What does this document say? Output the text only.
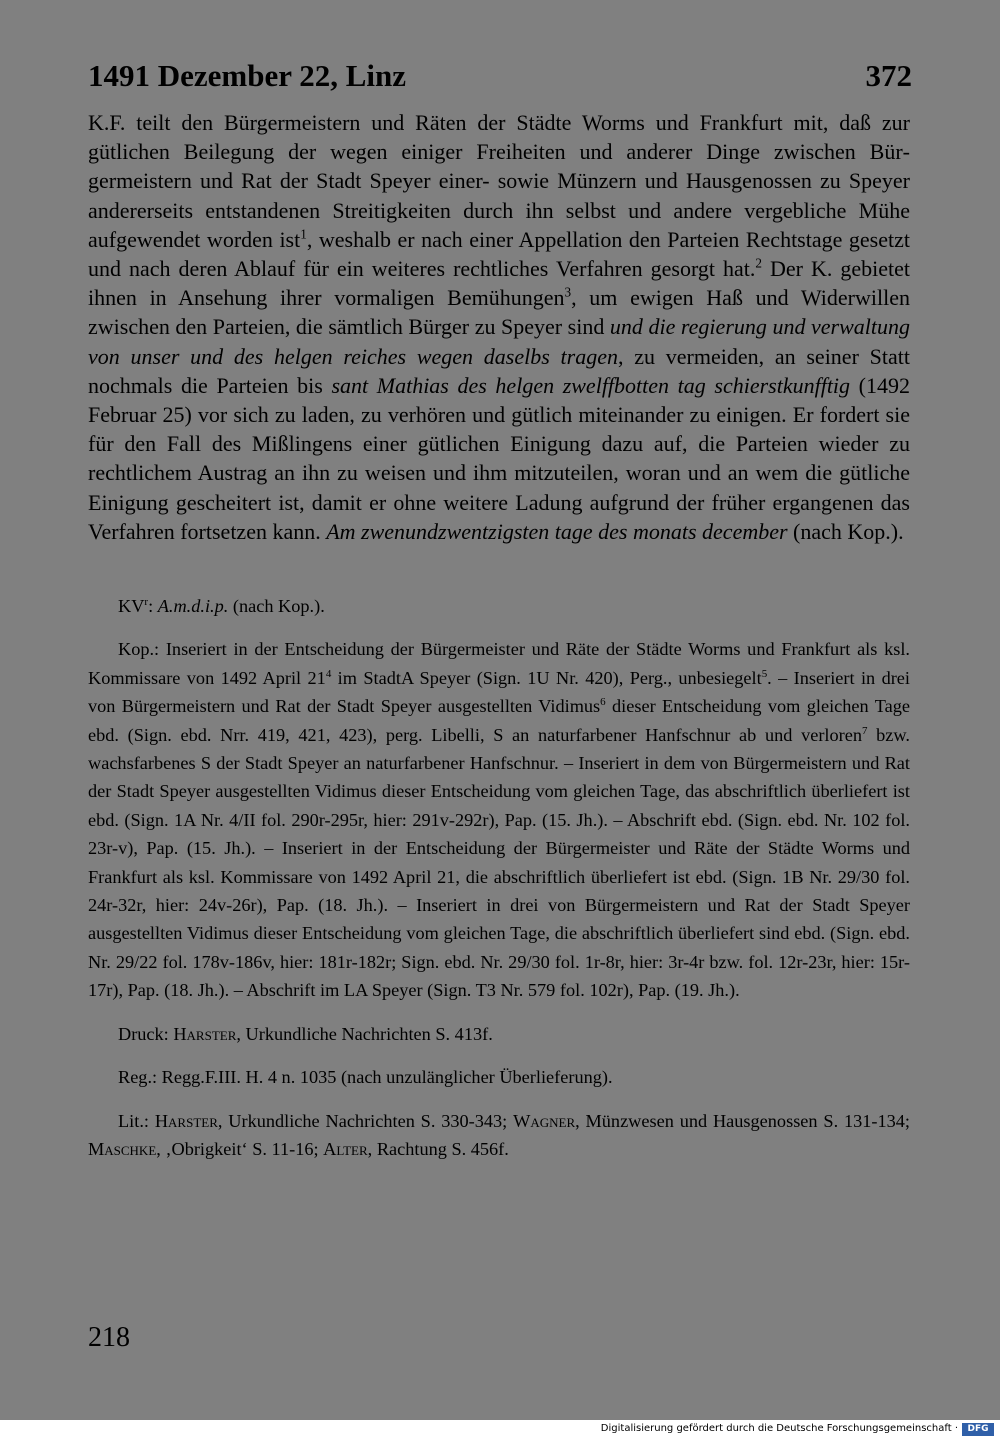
1491 Dezember 22, Linz	372
K.F. teilt den Bürgermeistern und Räten der Städte Worms und Frankfurt mit, daß zur gütlichen Beilegung der wegen einiger Freiheiten und anderer Dinge zwischen Bürgermeistern und Rat der Stadt Speyer einer- sowie Münzern und Hausgenossen zu Speyer andererseits entstandenen Streitigkeiten durch ihn selbst und andere vergebliche Mühe aufgewendet worden ist$^1$, weshalb er nach einer Appellation den Parteien Rechtstage gesetzt und nach deren Ablauf für ein weiteres rechtliches Verfahren gesorgt hat.$^2$ Der K. gebietet ihnen in Ansehung ihrer vormaligen Bemühungen$^3$, um ewigen Haß und Widerwillen zwischen den Parteien, die sämtlich Bürger zu Speyer sind und die regierung und verwaltung von unser und des helgen reiches wegen daselbs tragen, zu vermeiden, an seiner Statt nochmals die Parteien bis sant Mathias des helgen zwelffbotten tag schierstkunfftig (1492 Februar 25) vor sich zu laden, zu verhören und gütlich miteinander zu einigen. Er fordert sie für den Fall des Mißlingens einer gütlichen Einigung dazu auf, die Parteien wieder zu rechtlichem Austrag an ihn zu weisen und ihm mitzuteilen, woran und an wem die gütliche Einigung gescheitert ist, damit er ohne weitere Ladung aufgrund der früher ergangenen das Verfahren fortsetzen kann. Am zwenundzwentzigsten tage des monats december (nach Kop.).

$KV^r$: A.m.d.i.p. (nach Kop.).

Kop.: Inseriert in der Entscheidung der Bürgermeister und Räte der Städte Worms und Frankfurt als ksl. Kommissare von 1492 April $21^4$ im StadtA Speyer (Sign. 1U Nr. 420), Perg., unbesiegelt$^5$. – Inseriert in drei von Bürgermeistern und Rat der Stadt Speyer ausgestellten Vidimus$^6$ dieser Entscheidung vom gleichen Tage ebd. (Sign. ebd. Nrr. 419, 421, 423), perg. Libelli, S an naturfarbener Hanfschnur ab und verloren$^7$ bzw. wachsfarbenes S der Stadt Speyer an naturfarbener Hanfschnur. – Inseriert in dem von Bürgermeistern und Rat der Stadt Speyer ausgestellten Vidimus dieser Entscheidung vom gleichen Tage, das abschriftlich überliefert ist ebd. (Sign. 1A Nr. 4/II fol. 290r-295r, hier: 291v-292r), Pap. (15. Jh.). – Abschrift ebd. (Sign. ebd. Nr. 102 fol. 23r-v), Pap. (15. Jh.). – Inseriert in der Entscheidung der Bürgermeister und Räte der Städte Worms und Frankfurt als ksl. Kommissare von 1492 April 21, die abschriftlich überliefert ist ebd. (Sign. 1B Nr. 29/30 fol. 24r-32r, hier: 24v-26r), Pap. (18. Jh.). – Inseriert in drei von Bürgermeistern und Rat der Stadt Speyer ausgestellten Vidimus dieser Entscheidung vom gleichen Tage, die abschriftlich überliefert sind ebd. (Sign. ebd. Nr. 29/22 fol. 178v-186v, hier: 181r-182r; Sign. ebd. Nr. 29/30 fol. 1r-8r, hier: 3r-4r bzw. fol. 12r-23r, hier: 15r-17r), Pap. (18. Jh.). – Abschrift im LA Speyer (Sign. T3 Nr. 579 fol. 102r), Pap. (19. Jh.).

Druck: Harster, Urkundliche Nachrichten S. 413f.

Reg.: Regg.F.III. H. 4 n. 1035 (nach unzulänglicher Überlieferung).

Lit.: Harster, Urkundliche Nachrichten S. 330-343; Wagner, Münzwesen und Hausgenossen S. 131-134; Maschke, ‚Obrigkeit‘ S. 11-16; Alter, Rachtung S. 456f.

218
Digitalisierung gefördert durch die Deutsche Forschungsgemeinschaft ·	DFG
